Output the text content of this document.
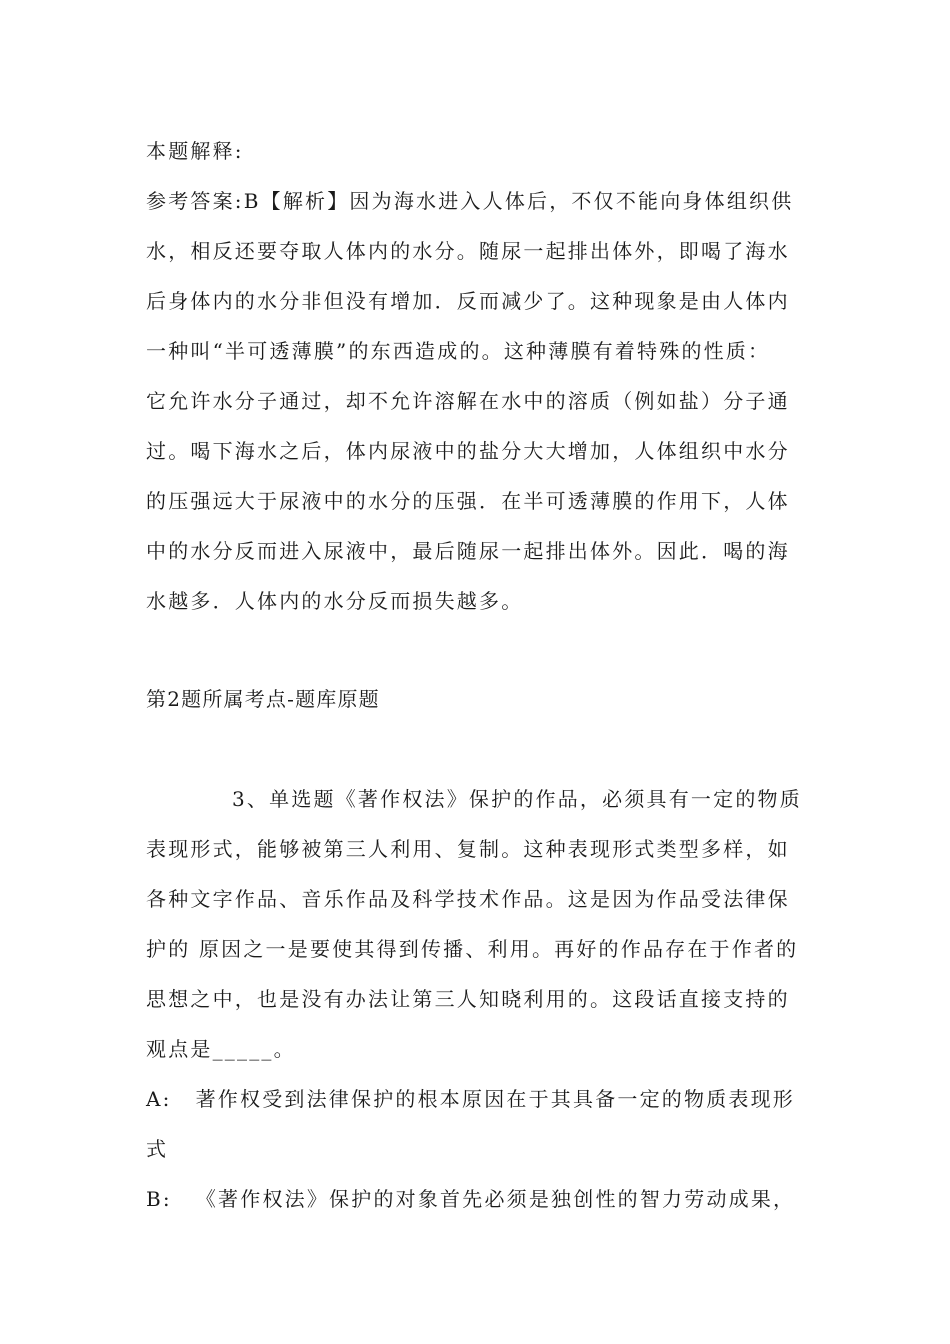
本题解释:
参考答案:B【解析】因为海水进入人体后，不仅不能向身体组织供
水，相反还要夺取人体内的水分。随尿一起排出体外，即喝了海水
后身体内的水分非但没有增加．反而减少了。这种现象是由人体内
一种叫“半可透薄膜”的东西造成的。这种薄膜有着特殊的性质：
它允许水分子通过，却不允许溶解在水中的溶质（例如盐）分子通
过。喝下海水之后，体内尿液中的盐分大大增加，人体组织中水分
的压强远大于尿液中的水分的压强．在半可透薄膜的作用下，人体
中的水分反而进入尿液中，最后随尿一起排出体外。因此．喝的海
水越多．人体内的水分反而损失越多。
第2题所属考点-题库原题
3、单选题《著作权法》保护的作品，必须具有一定的物质
表现形式，能够被第三人利用、复制。这种表现形式类型多样，如
各种文字作品、音乐作品及科学技术作品。这是因为作品受法律保
护的 原因之一是要使其得到传播、利用。再好的作品存在于作者的
思想之中，也是没有办法让第三人知晓利用的。这段话直接支持的
观点是_____。
A: 著作权受到法律保护的根本原因在于其具备一定的物质表现形
式
B: 《著作权法》保护的对象首先必须是独创性的智力劳动成果，
